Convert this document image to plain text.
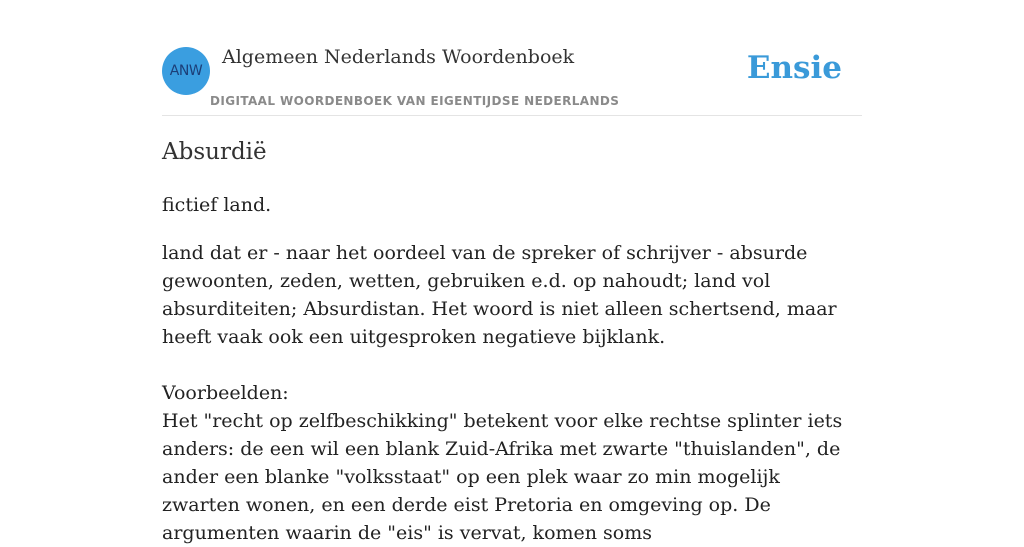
ANW
Algemeen Nederlands Woordenboek
DIGITAAL WOORDENBOEK VAN EIGENTIJDSE NEDERLANDS
Ensie
Absurdië
fictief land.

land dat er - naar het oordeel van de spreker of schrijver - absurde gewoonten, zeden, wetten, gebruiken e.d. op nahoudt; land vol absurditeiten; Absurdistan. Het woord is niet alleen schertsend, maar heeft vaak ook een uitgesproken negatieve bijklank.

Voorbeelden:

Het "recht op zelfbeschikking" betekent voor elke rechtse splinter iets anders: de een wil een blank Zuid-Afrika met zwarte "thuislanden", de ander een blanke "volksstaat" op een plek waar zo min mogelijk zwarten wonen, en een derde eist Pretoria en omgeving op. De argumenten waarin de "eis" is vervat, komen soms
